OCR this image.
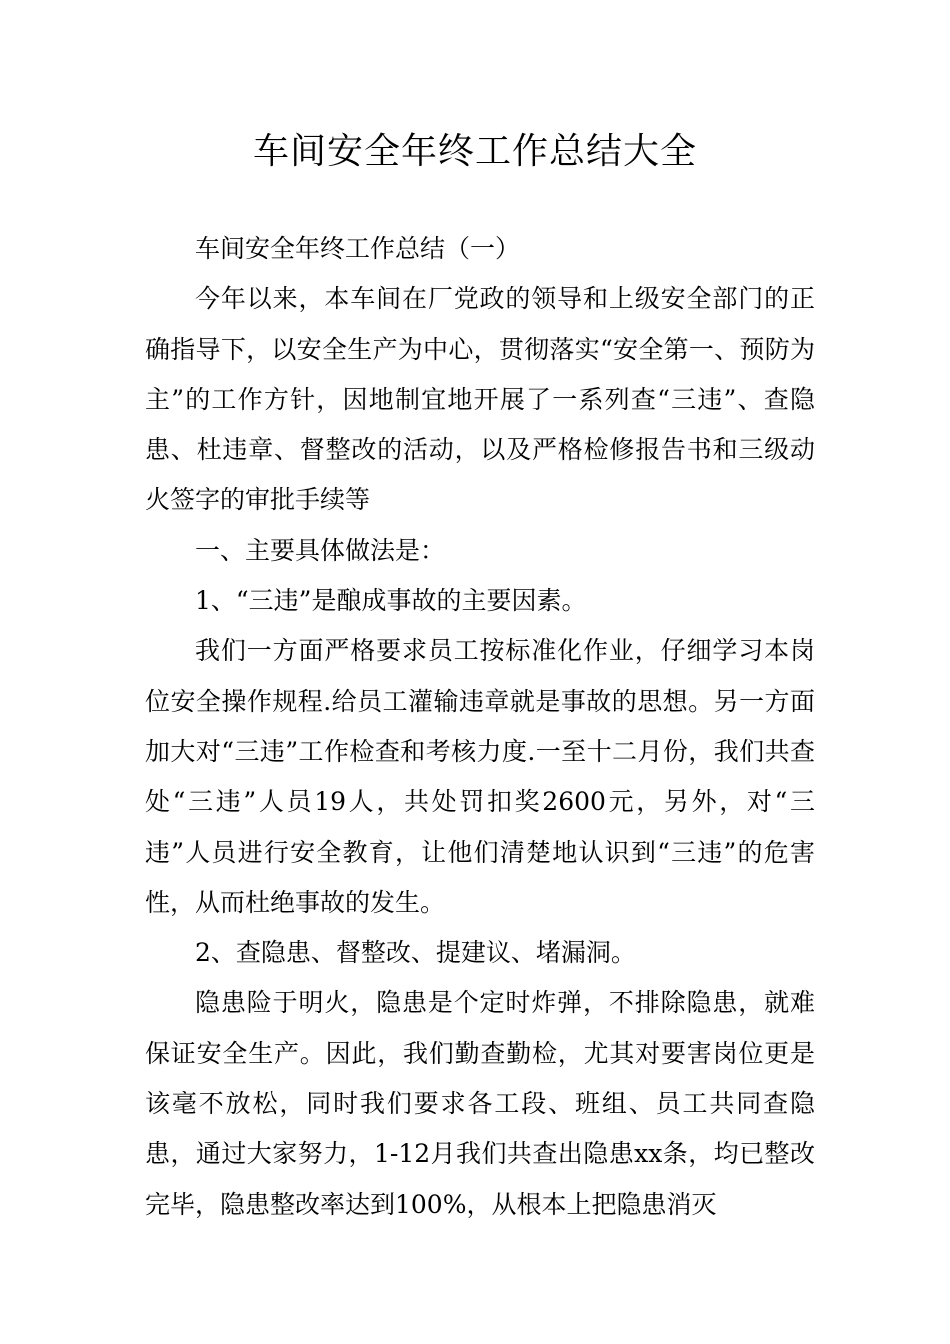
车间安全年终工作总结大全

车间安全年终工作总结（一）

今年以来，本车间在厂党政的领导和上级安全部门的正确指导下，以安全生产为中心，贯彻落实“安全第一、预防为主”的工作方针，因地制宜地开展了一系列查“三违”、查隐患、杜违章、督整改的活动，以及严格检修报告书和三级动火签字的审批手续等

一、主要具体做法是：

1、“三违”是酿成事故的主要因素。

我们一方面严格要求员工按标准化作业，仔细学习本岗位安全操作规程.给员工灌输违章就是事故的思想。另一方面加大对“三违”工作检查和考核力度.一至十二月份，我们共查处“三违”人员19人，共处罚扣奖2600元，另外，对“三违”人员进行安全教育，让他们清楚地认识到“三违”的危害性，从而杜绝事故的发生。

2、查隐患、督整改、提建议、堵漏洞。

隐患险于明火，隐患是个定时炸弹，不排除隐患，就难保证安全生产。因此，我们勤查勤检，尤其对要害岗位更是该毫不放松，同时我们要求各工段、班组、员工共同查隐患，通过大家努力，1-12月我们共查出隐患xx条，均已整改完毕，隐患整改率达到100%，从根本上把隐患消灭
